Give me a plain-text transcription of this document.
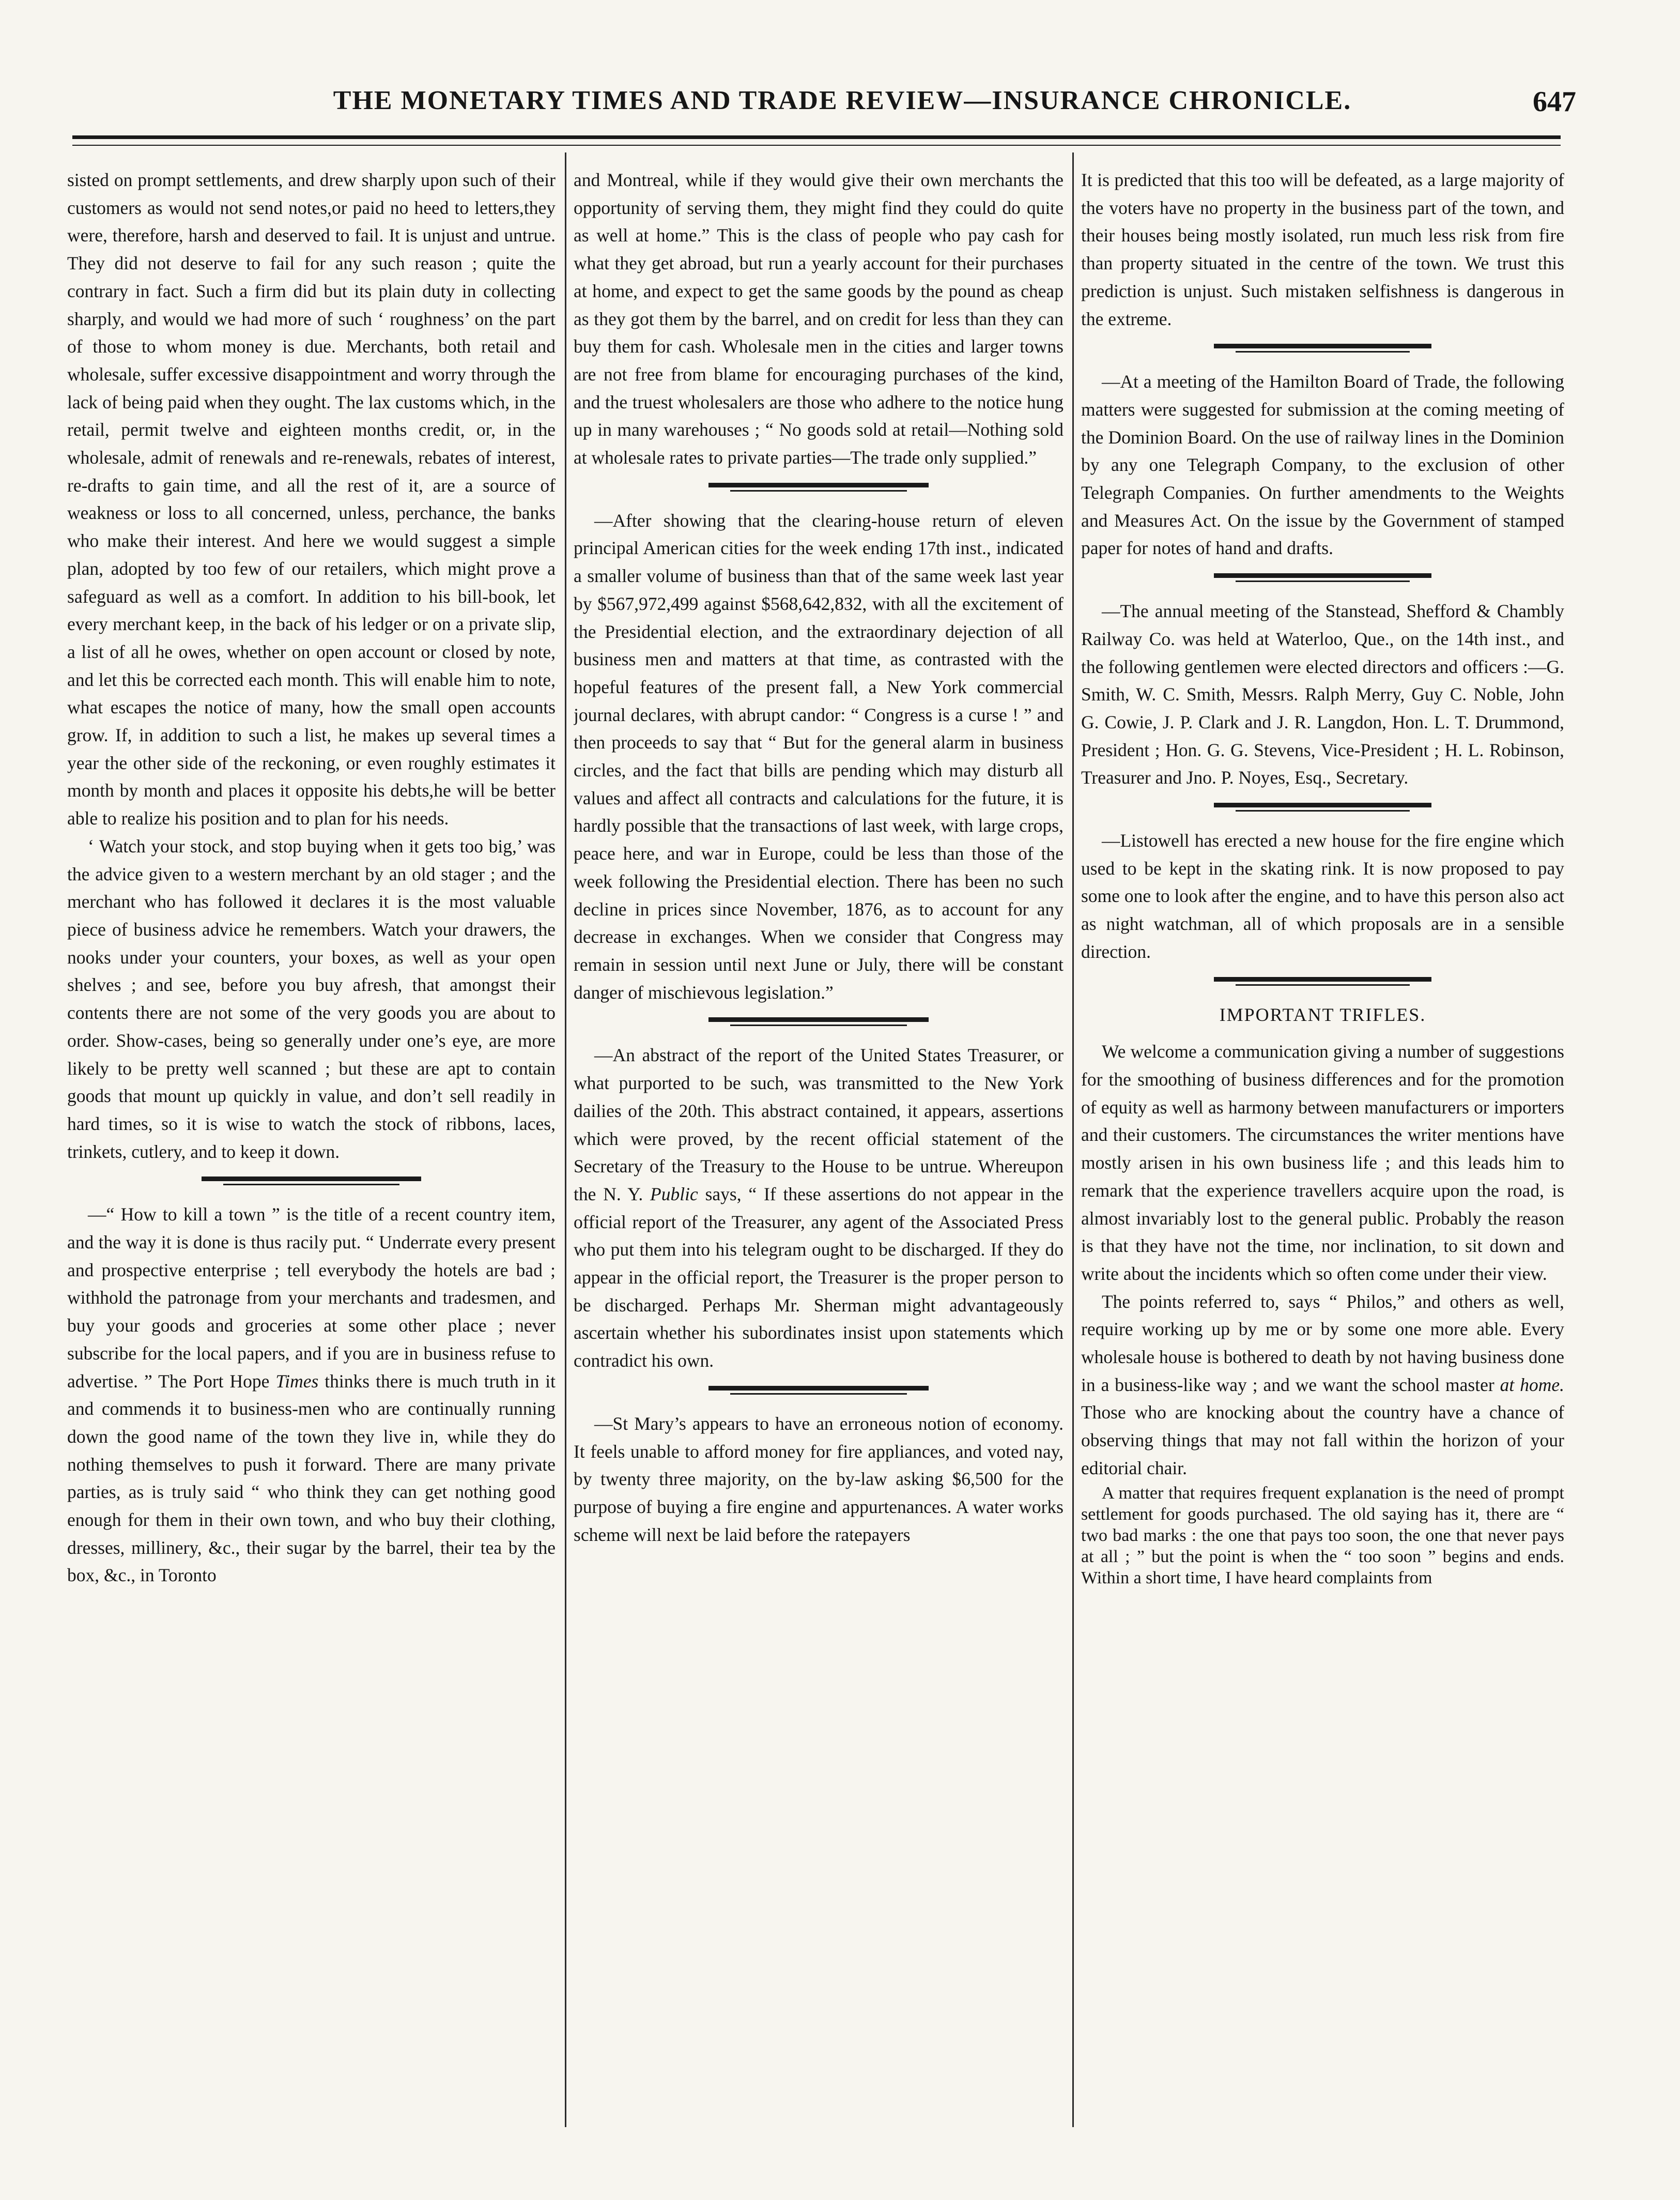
THE MONETARY TIMES AND TRADE REVIEW—INSURANCE CHRONICLE.	647

sisted on prompt settlements, and drew sharply upon such of their customers as would not send notes,or paid no heed to letters,they were, therefore, harsh and deserved to fail. It is unjust and untrue. They did not deserve to fail for any such reason ; quite the contrary in fact. Such a firm did but its plain duty in collecting sharply, and would we had more of such ‘ roughness’ on the part of those to whom money is due. Merchants, both retail and wholesale, suffer excessive disappointment and worry through the lack of being paid when they ought. The lax customs which, in the retail, permit twelve and eighteen months credit, or, in the wholesale, admit of renewals and re-renewals, rebates of interest, re-drafts to gain time, and all the rest of it, are a source of weakness or loss to all concerned, unless, perchance, the banks who make their interest. And here we would suggest a simple plan, adopted by too few of our retailers, which might prove a safeguard as well as a comfort. In addition to his bill-book, let every merchant keep, in the back of his ledger or on a private slip, a list of all he owes, whether on open account or closed by note, and let this be corrected each month. This will enable him to note, what escapes the notice of many, how the small open accounts grow. If, in addition to such a list, he makes up several times a year the other side of the reckoning, or even roughly estimates it month by month and places it opposite his debts,he will be better able to realize his position and to plan for his needs.

‘ Watch your stock, and stop buying when it gets too big,’ was the advice given to a western merchant by an old stager ; and the merchant who has followed it declares it is the most valuable piece of business advice he remembers. Watch your drawers, the nooks under your counters, your boxes, as well as your open shelves ; and see, before you buy afresh, that amongst their contents there are not some of the very goods you are about to order. Show-cases, being so generally under one’s eye, are more likely to be pretty well scanned ; but these are apt to contain goods that mount up quickly in value, and don’t sell readily in hard times, so it is wise to watch the stock of ribbons, laces, trinkets, cutlery, and to keep it down.

—“ How to kill a town ” is the title of a recent country item, and the way it is done is thus racily put. “ Underrate every present and prospective enterprise ; tell everybody the hotels are bad ; withhold the patronage from your merchants and tradesmen, and buy your goods and groceries at some other place ; never subscribe for the local papers, and if you are in business refuse to advertise. ” The Port Hope Times thinks there is much truth in it and commends it to business-men who are continually running down the good name of the town they live in, while they do nothing themselves to push it forward. There are many private parties, as is truly said “ who think they can get nothing good enough for them in their own town, and who buy their clothing, dresses, millinery, &c., their sugar by the barrel, their tea by the box, &c., in Toronto

and Montreal, while if they would give their own merchants the opportunity of serving them, they might find they could do quite as well at home.” This is the class of people who pay cash for what they get abroad, but run a yearly account for their purchases at home, and expect to get the same goods by the pound as cheap as they got them by the barrel, and on credit for less than they can buy them for cash. Wholesale men in the cities and larger towns are not free from blame for encouraging purchases of the kind, and the truest wholesalers are those who adhere to the notice hung up in many warehouses ; “ No goods sold at retail—Nothing sold at wholesale rates to private parties—The trade only supplied.”

—After showing that the clearing-house return of eleven principal American cities for the week ending 17th inst., indicated a smaller volume of business than that of the same week last year by $567,972,499 against $568,642,832, with all the excitement of the Presidential election, and the extraordinary dejection of all business men and matters at that time, as contrasted with the hopeful features of the present fall, a New York commercial journal declares, with abrupt candor: “ Congress is a curse ! ” and then proceeds to say that “ But for the general alarm in business circles, and the fact that bills are pending which may disturb all values and affect all contracts and calculations for the future, it is hardly possible that the transactions of last week, with large crops, peace here, and war in Europe, could be less than those of the week following the Presidential election. There has been no such decline in prices since November, 1876, as to account for any decrease in exchanges. When we consider that Congress may remain in session until next June or July, there will be constant danger of mischievous legislation.”

—An abstract of the report of the United States Treasurer, or what purported to be such, was transmitted to the New York dailies of the 20th. This abstract contained, it appears, assertions which were proved, by the recent official statement of the Secretary of the Treasury to the House to be untrue. Whereupon the N. Y. Public says, “ If these assertions do not appear in the official report of the Treasurer, any agent of the Associated Press who put them into his telegram ought to be discharged. If they do appear in the official report, the Treasurer is the proper person to be discharged. Perhaps Mr. Sherman might advantageously ascertain whether his subordinates insist upon statements which contradict his own.

—St Mary’s appears to have an erroneous notion of economy. It feels unable to afford money for fire appliances, and voted nay, by twenty three majority, on the by-law asking $6,500 for the purpose of buying a fire engine and appurtenances. A water works scheme will next be laid before the ratepayers

It is predicted that this too will be defeated, as a large majority of the voters have no property in the business part of the town, and their houses being mostly isolated, run much less risk from fire than property situated in the centre of the town. We trust this prediction is unjust. Such mistaken selfishness is dangerous in the extreme.

—At a meeting of the Hamilton Board of Trade, the following matters were suggested for submission at the coming meeting of the Dominion Board. On the use of railway lines in the Dominion by any one Telegraph Company, to the exclusion of other Telegraph Companies. On further amendments to the Weights and Measures Act. On the issue by the Government of stamped paper for notes of hand and drafts.

—The annual meeting of the Stanstead, Shefford & Chambly Railway Co. was held at Waterloo, Que., on the 14th inst., and the following gentlemen were elected directors and officers :—G. Smith, W. C. Smith, Messrs. Ralph Merry, Guy C. Noble, John G. Cowie, J. P. Clark and J. R. Langdon, Hon. L. T. Drummond, President ; Hon. G. G. Stevens, Vice-President ; H. L. Robinson, Treasurer and Jno. P. Noyes, Esq., Secretary.

—Listowell has erected a new house for the fire engine which used to be kept in the skating rink. It is now proposed to pay some one to look after the engine, and to have this person also act as night watchman, all of which proposals are in a sensible direction.

IMPORTANT TRIFLES.

We welcome a communication giving a number of suggestions for the smoothing of business differences and for the promotion of equity as well as harmony between manufacturers or importers and their customers. The circumstances the writer mentions have mostly arisen in his own business life ; and this leads him to remark that the experience travellers acquire upon the road, is almost invariably lost to the general public. Probably the reason is that they have not the time, nor inclination, to sit down and write about the incidents which so often come under their view.

The points referred to, says “ Philos,” and others as well, require working up by me or by some one more able. Every wholesale house is bothered to death by not having business done in a business-like way ; and we want the school master at home. Those who are knocking about the country have a chance of observing things that may not fall within the horizon of your editorial chair.

A matter that requires frequent explanation is the need of prompt settlement for goods purchased. The old saying has it, there are “ two bad marks : the one that pays too soon, the one that never pays at all ; ” but the point is when the “ too soon ” begins and ends. Within a short time, I have heard complaints from
